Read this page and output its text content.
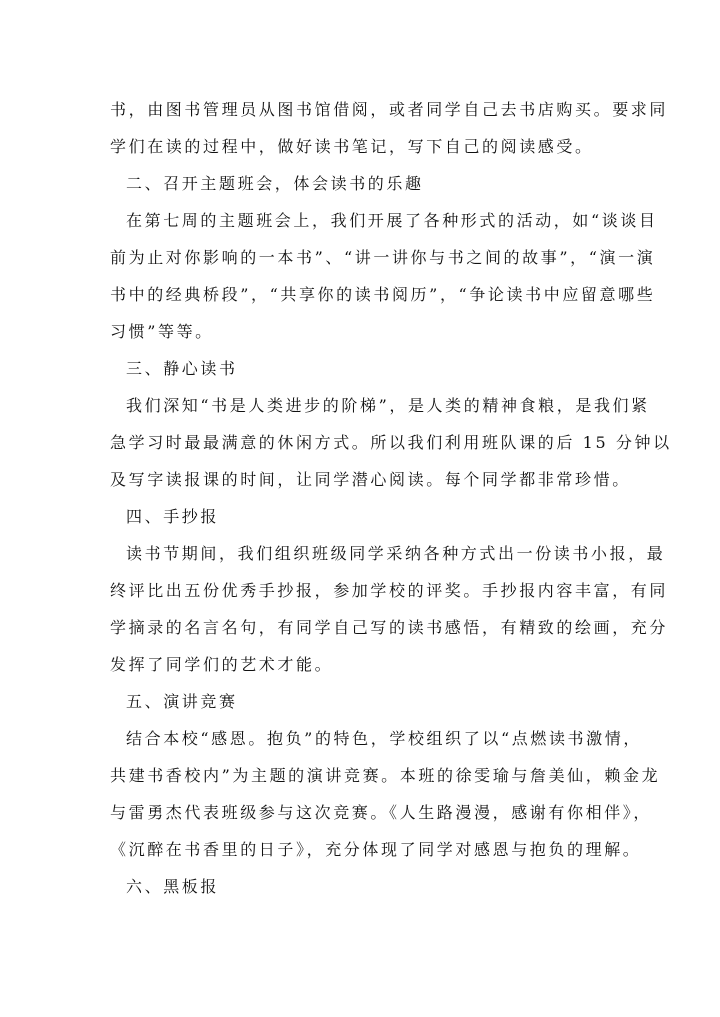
书，由图书管理员从图书馆借阅，或者同学自己去书店购买。要求同
学们在读的过程中，做好读书笔记，写下自己的阅读感受。
二、召开主题班会，体会读书的乐趣
在第七周的主题班会上，我们开展了各种形式的活动，如“谈谈目
前为止对你影响的一本书”、“讲一讲你与书之间的故事”，“演一演
书中的经典桥段”，“共享你的读书阅历”，“争论读书中应留意哪些
习惯”等等。
三、静心读书
我们深知“书是人类进步的阶梯”，是人类的精神食粮，是我们紧
急学习时最最满意的休闲方式。所以我们利用班队课的后 15 分钟以
及写字读报课的时间，让同学潜心阅读。每个同学都非常珍惜。
四、手抄报
读书节期间，我们组织班级同学采纳各种方式出一份读书小报，最
终评比出五份优秀手抄报，参加学校的评奖。手抄报内容丰富，有同
学摘录的名言名句，有同学自己写的读书感悟，有精致的绘画，充分
发挥了同学们的艺术才能。
五、演讲竞赛
结合本校“感恩。抱负”的特色，学校组织了以“点燃读书激情，
共建书香校内”为主题的演讲竞赛。本班的徐雯瑜与詹美仙，赖金龙
与雷勇杰代表班级参与这次竞赛。《人生路漫漫，感谢有你相伴》，
《沉醉在书香里的日子》，充分体现了同学对感恩与抱负的理解。
六、黑板报
